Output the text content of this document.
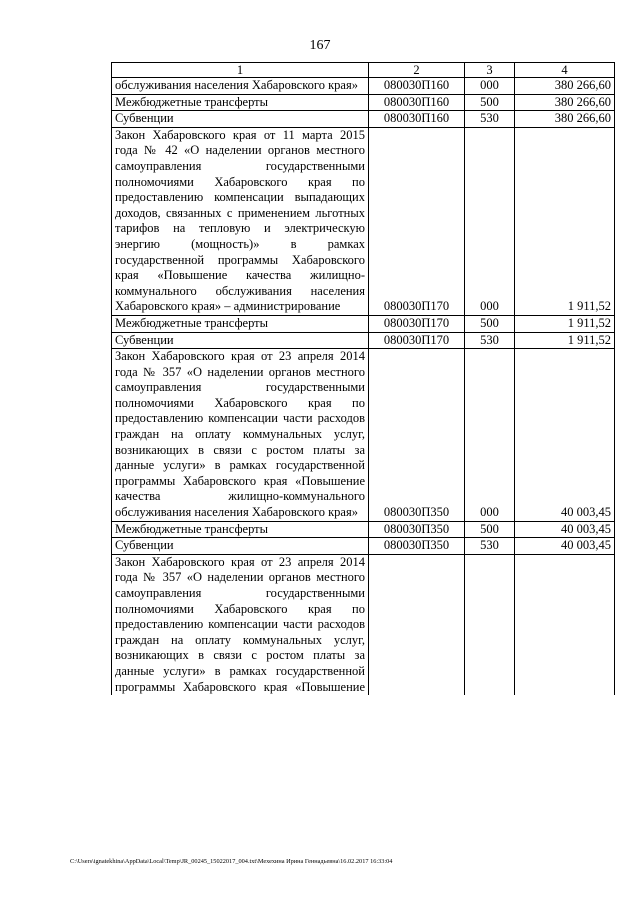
167
1	2	3	4
обслуживания населения Хабаровского края»	080030П160	000	380 266,60
Межбюджетные трансферты	080030П160	500	380 266,60
Субвенции	080030П160	530	380 266,60
Закон Хабаровского края от 11 марта 2015 года № 42 «О наделении органов местного самоуправления государственными полномочиями Хабаровского края по предоставлению компенсации выпадающих доходов, связанных с применением льготных тарифов на тепловую и электрическую энергию (мощность)» в рамках государственной программы Хабаровского края «Повышение качества жилищно-коммунального обслуживания населения Хабаровского края» – администрирование	080030П170	000	1 911,52
Межбюджетные трансферты	080030П170	500	1 911,52
Субвенции	080030П170	530	1 911,52
Закон Хабаровского края от 23 апреля 2014 года № 357 «О наделении органов местного самоуправления государственными полномочиями Хабаровского края по предоставлению компенсации части расходов граждан на оплату коммунальных услуг, возникающих в связи с ростом платы за данные услуги» в рамках государственной программы Хабаровского края «Повышение качества жилищно-коммунального обслуживания населения Хабаровского края»	080030П350	000	40 003,45
Межбюджетные трансферты	080030П350	500	40 003,45
Субвенции	080030П350	530	40 003,45
Закон Хабаровского края от 23 апреля 2014 года № 357 «О наделении органов местного самоуправления государственными полномочиями Хабаровского края по предоставлению компенсации части расходов граждан на оплату коммунальных услуг, возникающих в связи с ростом платы за данные услуги» в рамках государственной программы Хабаровского края «Повышение			
C:\Users\ignatekhina\AppData\Local\Temp\JR_00245_15022017_004.txt\Мехехина Ирина Геннадьевна\16.02.2017 16:33:04
